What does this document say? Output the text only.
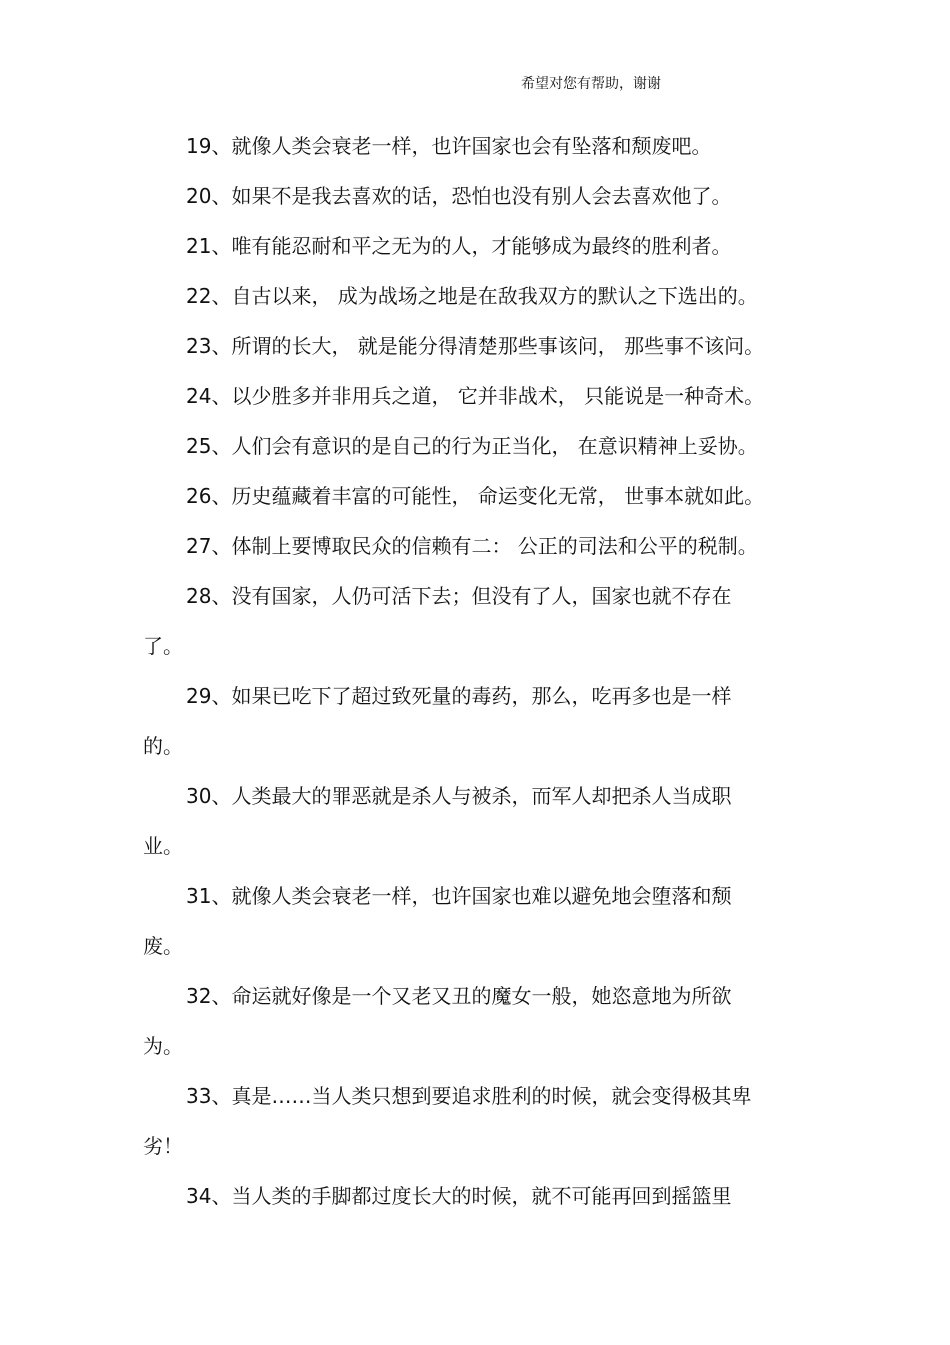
希望对您有帮助，谢谢
19、就像人类会衰老一样，也许国家也会有坠落和颓废吧。
20、如果不是我去喜欢的话，恐怕也没有别人会去喜欢他了。
21、唯有能忍耐和平之无为的人，才能够成为最终的胜利者。
22、自古以来， 成为战场之地是在敌我双方的默认之下选出的。
23、所谓的长大， 就是能分得清楚那些事该问， 那些事不该问。
24、以少胜多并非用兵之道， 它并非战术， 只能说是一种奇术。
25、人们会有意识的是自己的行为正当化， 在意识精神上妥协。
26、历史蕴藏着丰富的可能性， 命运变化无常， 世事本就如此。
27、体制上要博取民众的信赖有二： 公正的司法和公平的税制。
28、没有国家，人仍可活下去；但没有了人，国家也就不存在
了。
29、如果已吃下了超过致死量的毒药，那么，吃再多也是一样
的。
30、人类最大的罪恶就是杀人与被杀，而军人却把杀人当成职
业。
31、就像人类会衰老一样，也许国家也难以避免地会堕落和颓
废。
32、命运就好像是一个又老又丑的魔女一般，她恣意地为所欲
为。
33、真是……当人类只想到要追求胜利的时候，就会变得极其卑
劣！
34、当人类的手脚都过度长大的时候，就不可能再回到摇篮里
